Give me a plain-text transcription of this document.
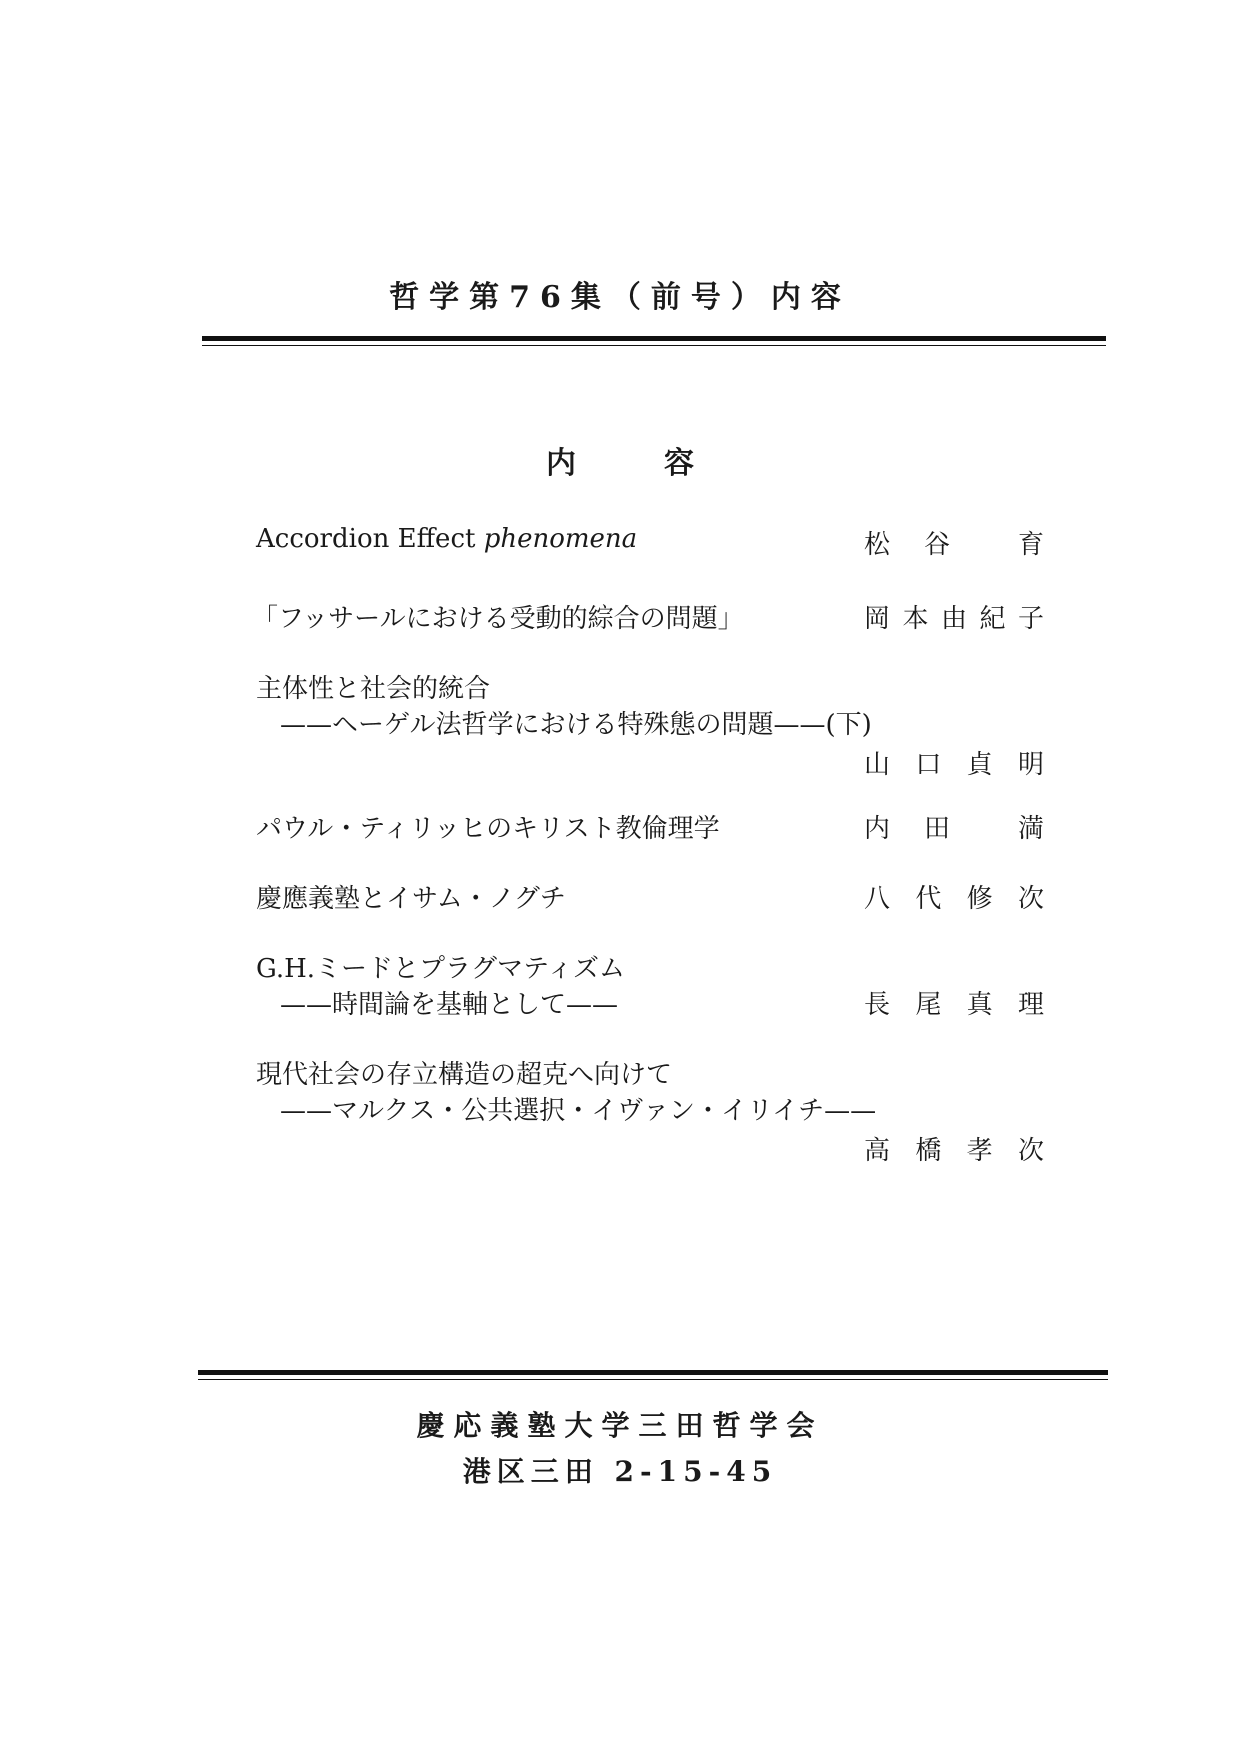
哲学第76集（前号）内容
内	容
Accordion Effect phenomena	松 谷	育
「フッサールにおける受動的綜合の問題」	岡 本 由 紀 子
主体性と社会的統合
——ヘーゲル法哲学における特殊態の問題——(下)
山 口 貞 明
パウル・ティリッヒのキリスト教倫理学	内 田	満
慶應義塾とイサム・ノグチ	八 代 修 次
G.H.ミードとプラグマティズム
——時間論を基軸として——	長 尾 真 理
現代社会の存立構造の超克へ向けて
——マルクス・公共選択・イヴァン・イリイチ——
高 橋 孝 次
慶応義塾大学三田哲学会
港区三田 2-15-45
